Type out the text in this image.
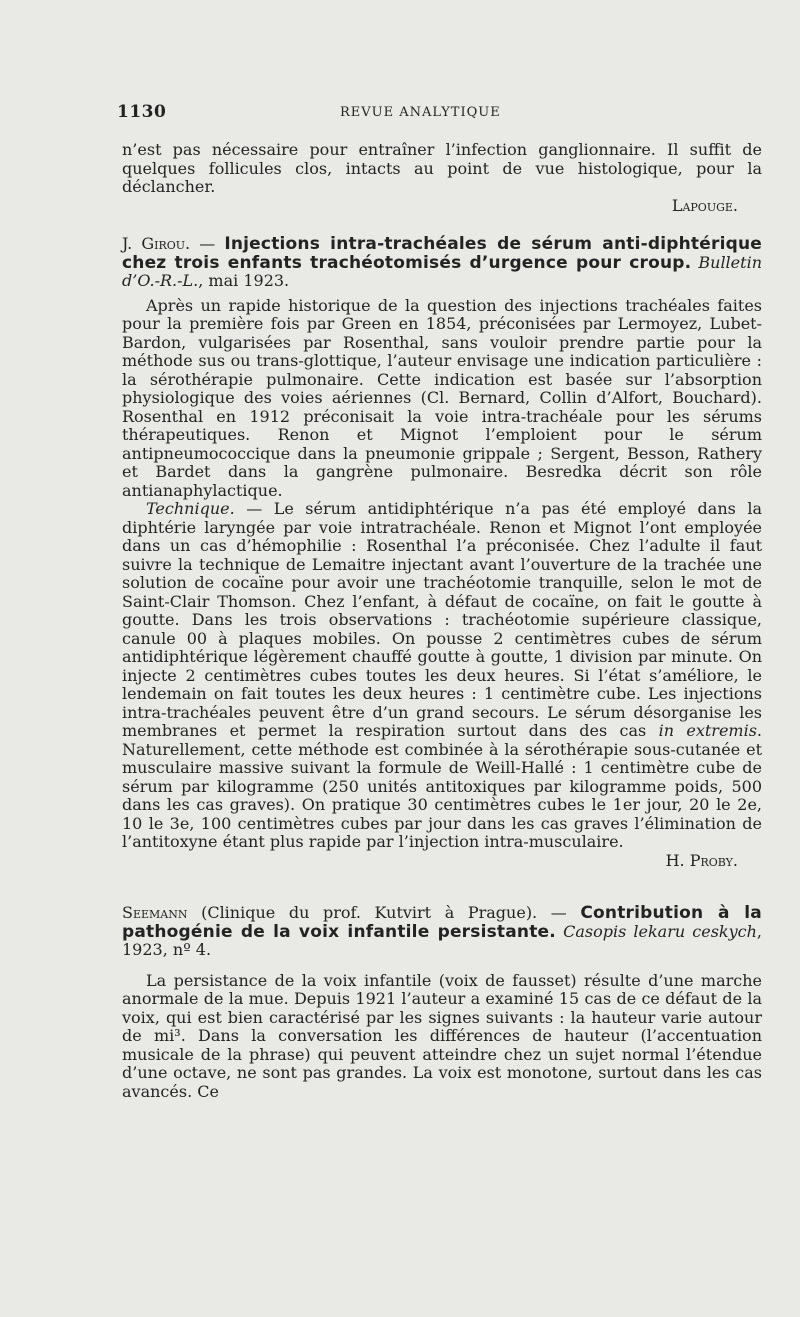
1130	REVUE ANALYTIQUE

n’est pas nécessaire pour entraîner l’infection ganglionnaire. Il suffit de quelques follicules clos, intacts au point de vue histologique, pour la déclancher.

Lapouge.

J. Girou. — Injections intra-trachéales de sérum anti-diphtérique chez trois enfants trachéotomisés d’urgence pour croup. Bulletin d’O.-R.-L., mai 1923.

Après un rapide historique de la question des injections trachéales faites pour la première fois par Green en 1854, préconisées par Lermoyez, Lubet-Bardon, vulgarisées par Rosenthal, sans vouloir prendre partie pour la méthode sus ou trans-glottique, l’auteur envisage une indication particulière : la sérothérapie pulmonaire. Cette indication est basée sur l’absorption physiologique des voies aériennes (Cl. Bernard, Collin d’Alfort, Bouchard). Rosenthal en 1912 préconisait la voie intra-trachéale pour les sérums thérapeutiques. Renon et Mignot l’emploient pour le sérum antipneumococcique dans la pneumonie grippale ; Sergent, Besson, Rathery et Bardet dans la gangrène pulmonaire. Besredka décrit son rôle antianaphylactique.

Technique. — Le sérum antidiphtérique n’a pas été employé dans la diphtérie laryngée par voie intratrachéale. Renon et Mignot l’ont employée dans un cas d’hémophilie : Rosenthal l’a préconisée. Chez l’adulte il faut suivre la technique de Lemaitre injectant avant l’ouverture de la trachée une solution de cocaïne pour avoir une trachéotomie tranquille, selon le mot de Saint-Clair Thomson. Chez l’enfant, à défaut de cocaïne, on fait le goutte à goutte. Dans les trois observations : trachéotomie supérieure classique, canule 00 à plaques mobiles. On pousse 2 centimètres cubes de sérum antidiphtérique légèrement chauffé goutte à goutte, 1 division par minute. On injecte 2 centimètres cubes toutes les deux heures. Si l’état s’améliore, le lendemain on fait toutes les deux heures : 1 centimètre cube. Les injections intra-trachéales peuvent être d’un grand secours. Le sérum désorganise les membranes et permet la respiration surtout dans des cas in extremis. Naturellement, cette méthode est combinée à la sérothérapie sous-cutanée et musculaire massive suivant la formule de Weill-Hallé : 1 centimètre cube de sérum par kilogramme (250 unités antitoxiques par kilogramme poids, 500 dans les cas graves). On pratique 30 centimètres cubes le 1er jour, 20 le 2e, 10 le 3e, 100 centimètres cubes par jour dans les cas graves l’élimination de l’antitoxyne étant plus rapide par l’injection intra-musculaire.

H. Proby.

Seemann (Clinique du prof. Kutvirt à Prague). — Contribution à la pathogénie de la voix infantile persistante. Casopis lekaru ceskych, 1923, nº 4.

La persistance de la voix infantile (voix de fausset) résulte d’une marche anormale de la mue. Depuis 1921 l’auteur a examiné 15 cas de ce défaut de la voix, qui est bien caractérisé par les signes suivants : la hauteur varie autour de mi³. Dans la conversation les différences de hauteur (l’accentuation musicale de la phrase) qui peuvent atteindre chez un sujet normal l’étendue d’une octave, ne sont pas grandes. La voix est monotone, surtout dans les cas avancés. Ce
